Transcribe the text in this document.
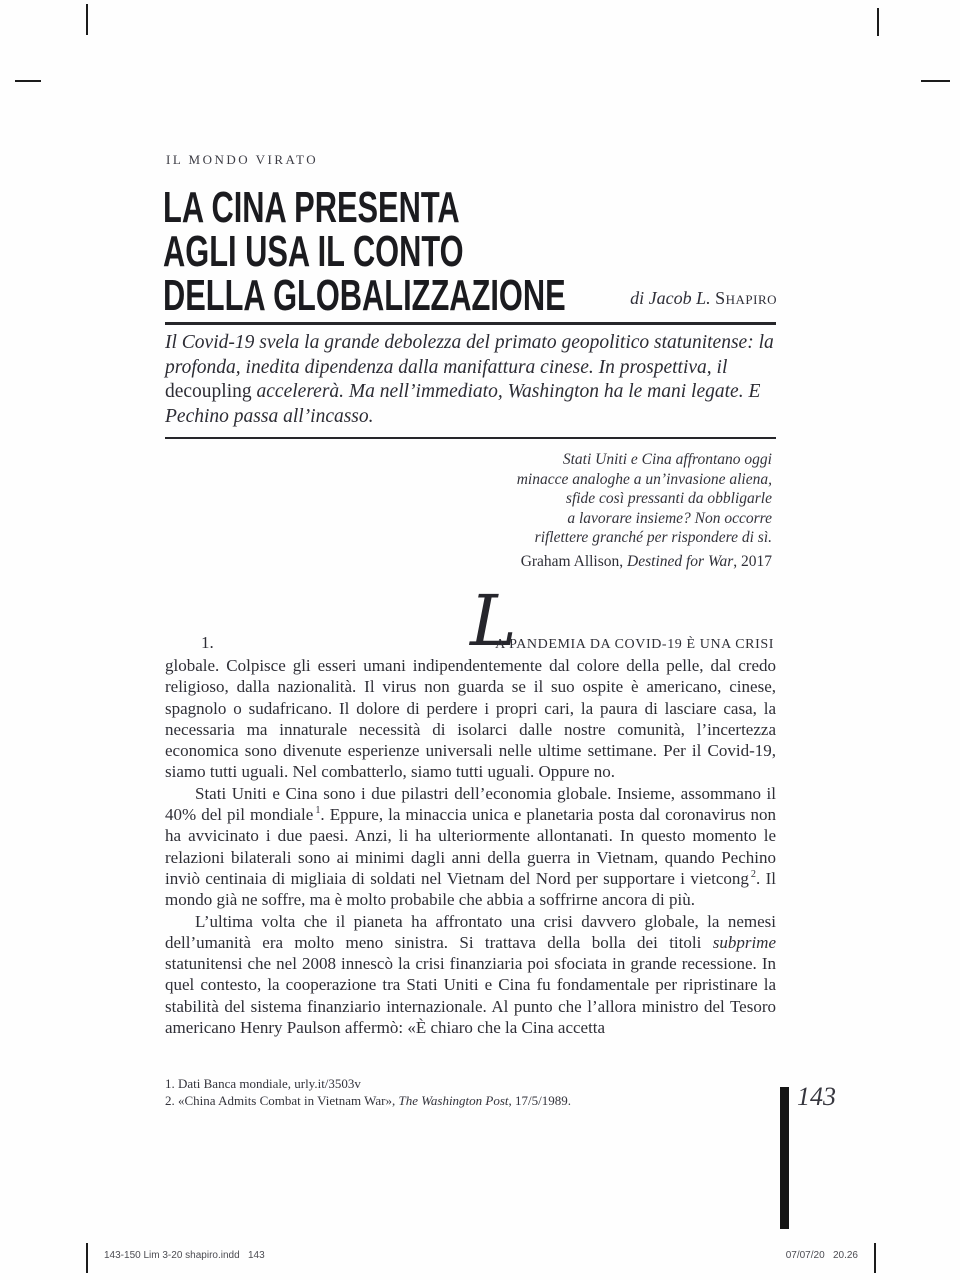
IL MONDO VIRATO
LA CINA PRESENTA
AGLI USA IL CONTO
DELLA GLOBALIZZAZIONE	di Jacob L. Shapiro
Il Covid-19 svela la grande debolezza del primato geopolitico statunitense: la profonda, inedita dipendenza dalla manifattura cinese. In prospettiva, il decoupling accelererà. Ma nell’immediato, Washington ha le mani legate. E Pechino passa all’incasso.
Stati Uniti e Cina affrontano oggi
minacce analoghe a un’invasione aliena,
sfide così pressanti da obbligarle
a lavorare insieme? Non occorre
riflettere granché per rispondere di sì.
Graham Allison, Destined for War, 2017
1.	L
A PANDEMIA DA COVID-19 È UNA CRISI

globale. Colpisce gli esseri umani indipendentemente dal colore della pelle, dal credo religioso, dalla nazionalità. Il virus non guarda se il suo ospite è americano, cinese, spagnolo o sudafricano. Il dolore di perdere i propri cari, la paura di lasciare casa, la necessaria ma innaturale necessità di isolarci dalle nostre comunità, l’incertezza economica sono divenute esperienze universali nelle ultime settimane. Per il Covid-19, siamo tutti uguali. Nel combatterlo, siamo tutti uguali. Oppure no.

Stati Uniti e Cina sono i due pilastri dell’economia globale. Insieme, assommano il 40% del pil mondiale $^1$. Eppure, la minaccia unica e planetaria posta dal coronavirus non ha avvicinato i due paesi. Anzi, li ha ulteriormente allontanati. In questo momento le relazioni bilaterali sono ai minimi dagli anni della guerra in Vietnam, quando Pechino inviò centinaia di migliaia di soldati nel Vietnam del Nord per supportare i vietcong $^2$. Il mondo già ne soffre, ma è molto probabile che abbia a soffrirne ancora di più.

L’ultima volta che il pianeta ha affrontato una crisi davvero globale, la nemesi dell’umanità era molto meno sinistra. Si trattava della bolla dei titoli subprime statunitensi che nel 2008 innescò la crisi finanziaria poi sfociata in grande recessione. In quel contesto, la cooperazione tra Stati Uniti e Cina fu fondamentale per ripristinare la stabilità del sistema finanziario internazionale. Al punto che l’allora ministro del Tesoro americano Henry Paulson affermò: «È chiaro che la Cina accetta

1. Dati Banca mondiale, urly.it/3503v

2. «China Admits Combat in Vietnam War», The Washington Post, 17/5/1989.	143
143-150 Lim 3-20 shapiro.indd   143	07/07/20   20.26
